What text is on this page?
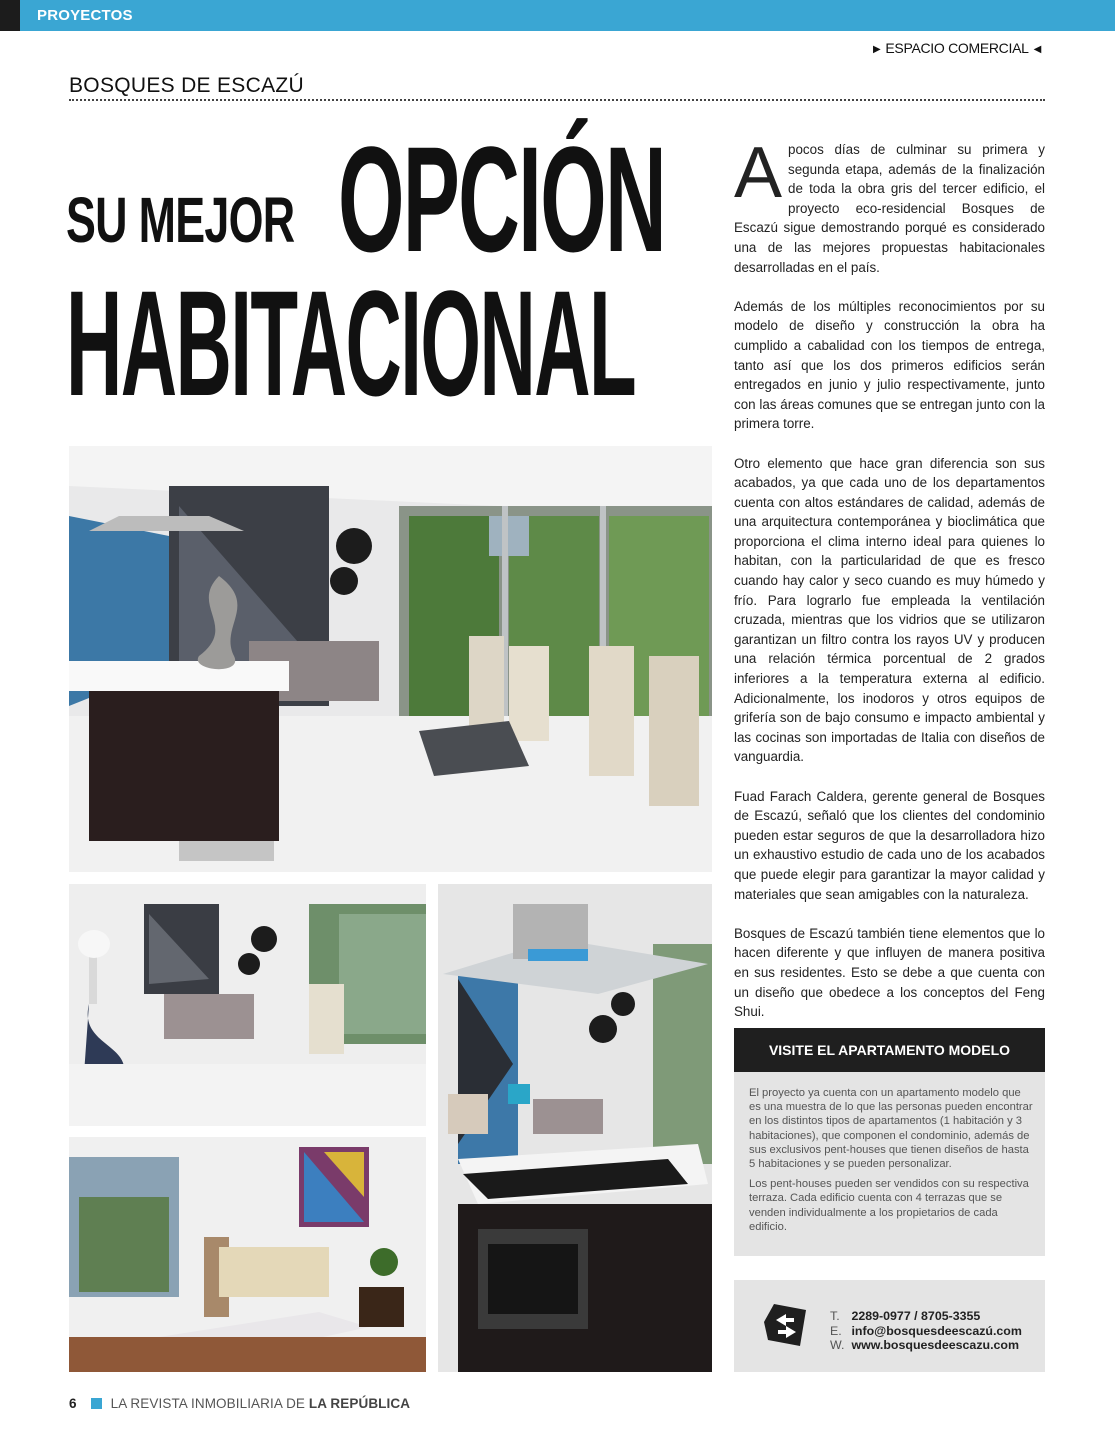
PROYECTOS
▶ ESPACIO COMERCIAL ◀
BOSQUES DE ESCAZÚ
SU MEJOR OPCIÓN
HABITACIONAL

Apocos días de culminar su primera y segunda etapa, además de la finalización de toda la obra gris del tercer edificio, el proyecto eco-residencial Bosques de Escazú sigue demostrando porqué es considerado una de las mejores propuestas habitacionales desarrolladas en el país.

Además de los múltiples reconocimientos por su modelo de diseño y construcción la obra ha cumplido a cabalidad con los tiempos de entrega, tanto así que los dos primeros edificios serán entregados en junio y julio respectivamente, junto con las áreas comunes que se entregan junto con la primera torre.

Otro elemento que hace gran diferencia son sus acabados, ya que cada uno de los departamentos cuenta con altos estándares de calidad, además de una arquitectura contemporánea y bioclimática que proporciona el clima interno ideal para quienes lo habitan, con la particularidad de que es fresco cuando hay calor y seco cuando es muy húmedo y frío. Para lograrlo fue empleada la ventilación cruzada, mientras que los vidrios que se utilizaron garantizan un filtro contra los rayos UV y producen una relación térmica porcentual de 2 grados inferiores a la temperatura externa al edificio. Adicionalmente, los inodoros y otros equipos de grifería son de bajo consumo e impacto ambiental y las cocinas son importadas de Italia con diseños de vanguardia.

Fuad Farach Caldera, gerente general de Bosques de Escazú, señaló que los clientes del condominio pueden estar seguros de que la desarrolladora hizo un exhaustivo estudio de cada uno de los acabados que puede elegir para garantizar la mayor calidad y materiales que sean amigables con la naturaleza.

Bosques de Escazú también tiene elementos que lo hacen diferente y que influyen de manera positiva en sus residentes. Esto se debe a que cuenta con un diseño que obedece a los conceptos del Feng Shui.

VISITE EL APARTAMENTO MODELO

El proyecto ya cuenta con un apartamento modelo que es una muestra de lo que las personas pueden encontrar en los distintos tipos de apartamentos (1 habitación y 3 habitaciones), que componen el condominio, además de sus exclusivos pent-houses que tienen diseños de hasta 5 habitaciones y se pueden personalizar.

Los pent-houses pueden ser vendidos con su respectiva terraza. Cada edificio cuenta con 4 terrazas que se venden individualmente a los propietarios de cada edificio.

T. 2289-0977 / 8705-3355
E. info@bosquesdeescazú.com
W. www.bosquesdeescazu.com
6	LA REVISTA INMOBILIARIA DE LA REPÚBLICA
